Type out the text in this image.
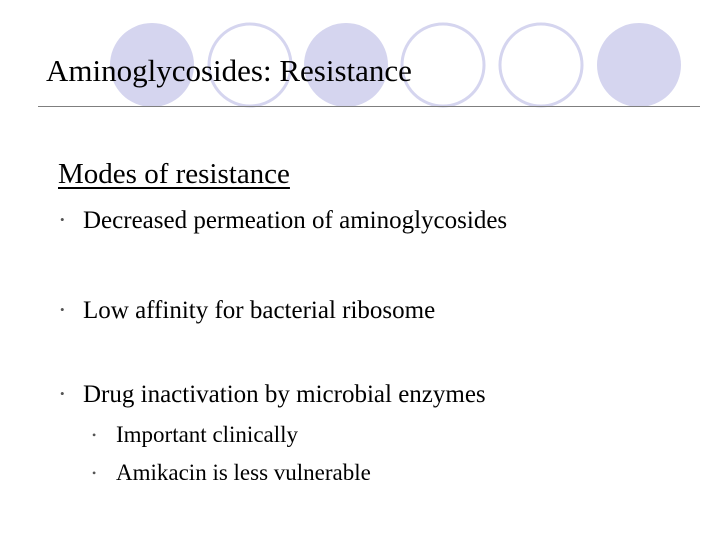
Aminoglycosides: Resistance
Modes of resistance
• Decreased permeation of aminoglycosides
• Low affinity for bacterial ribosome
• Drug inactivation by microbial enzymes
• Important clinically
• Amikacin is less vulnerable
